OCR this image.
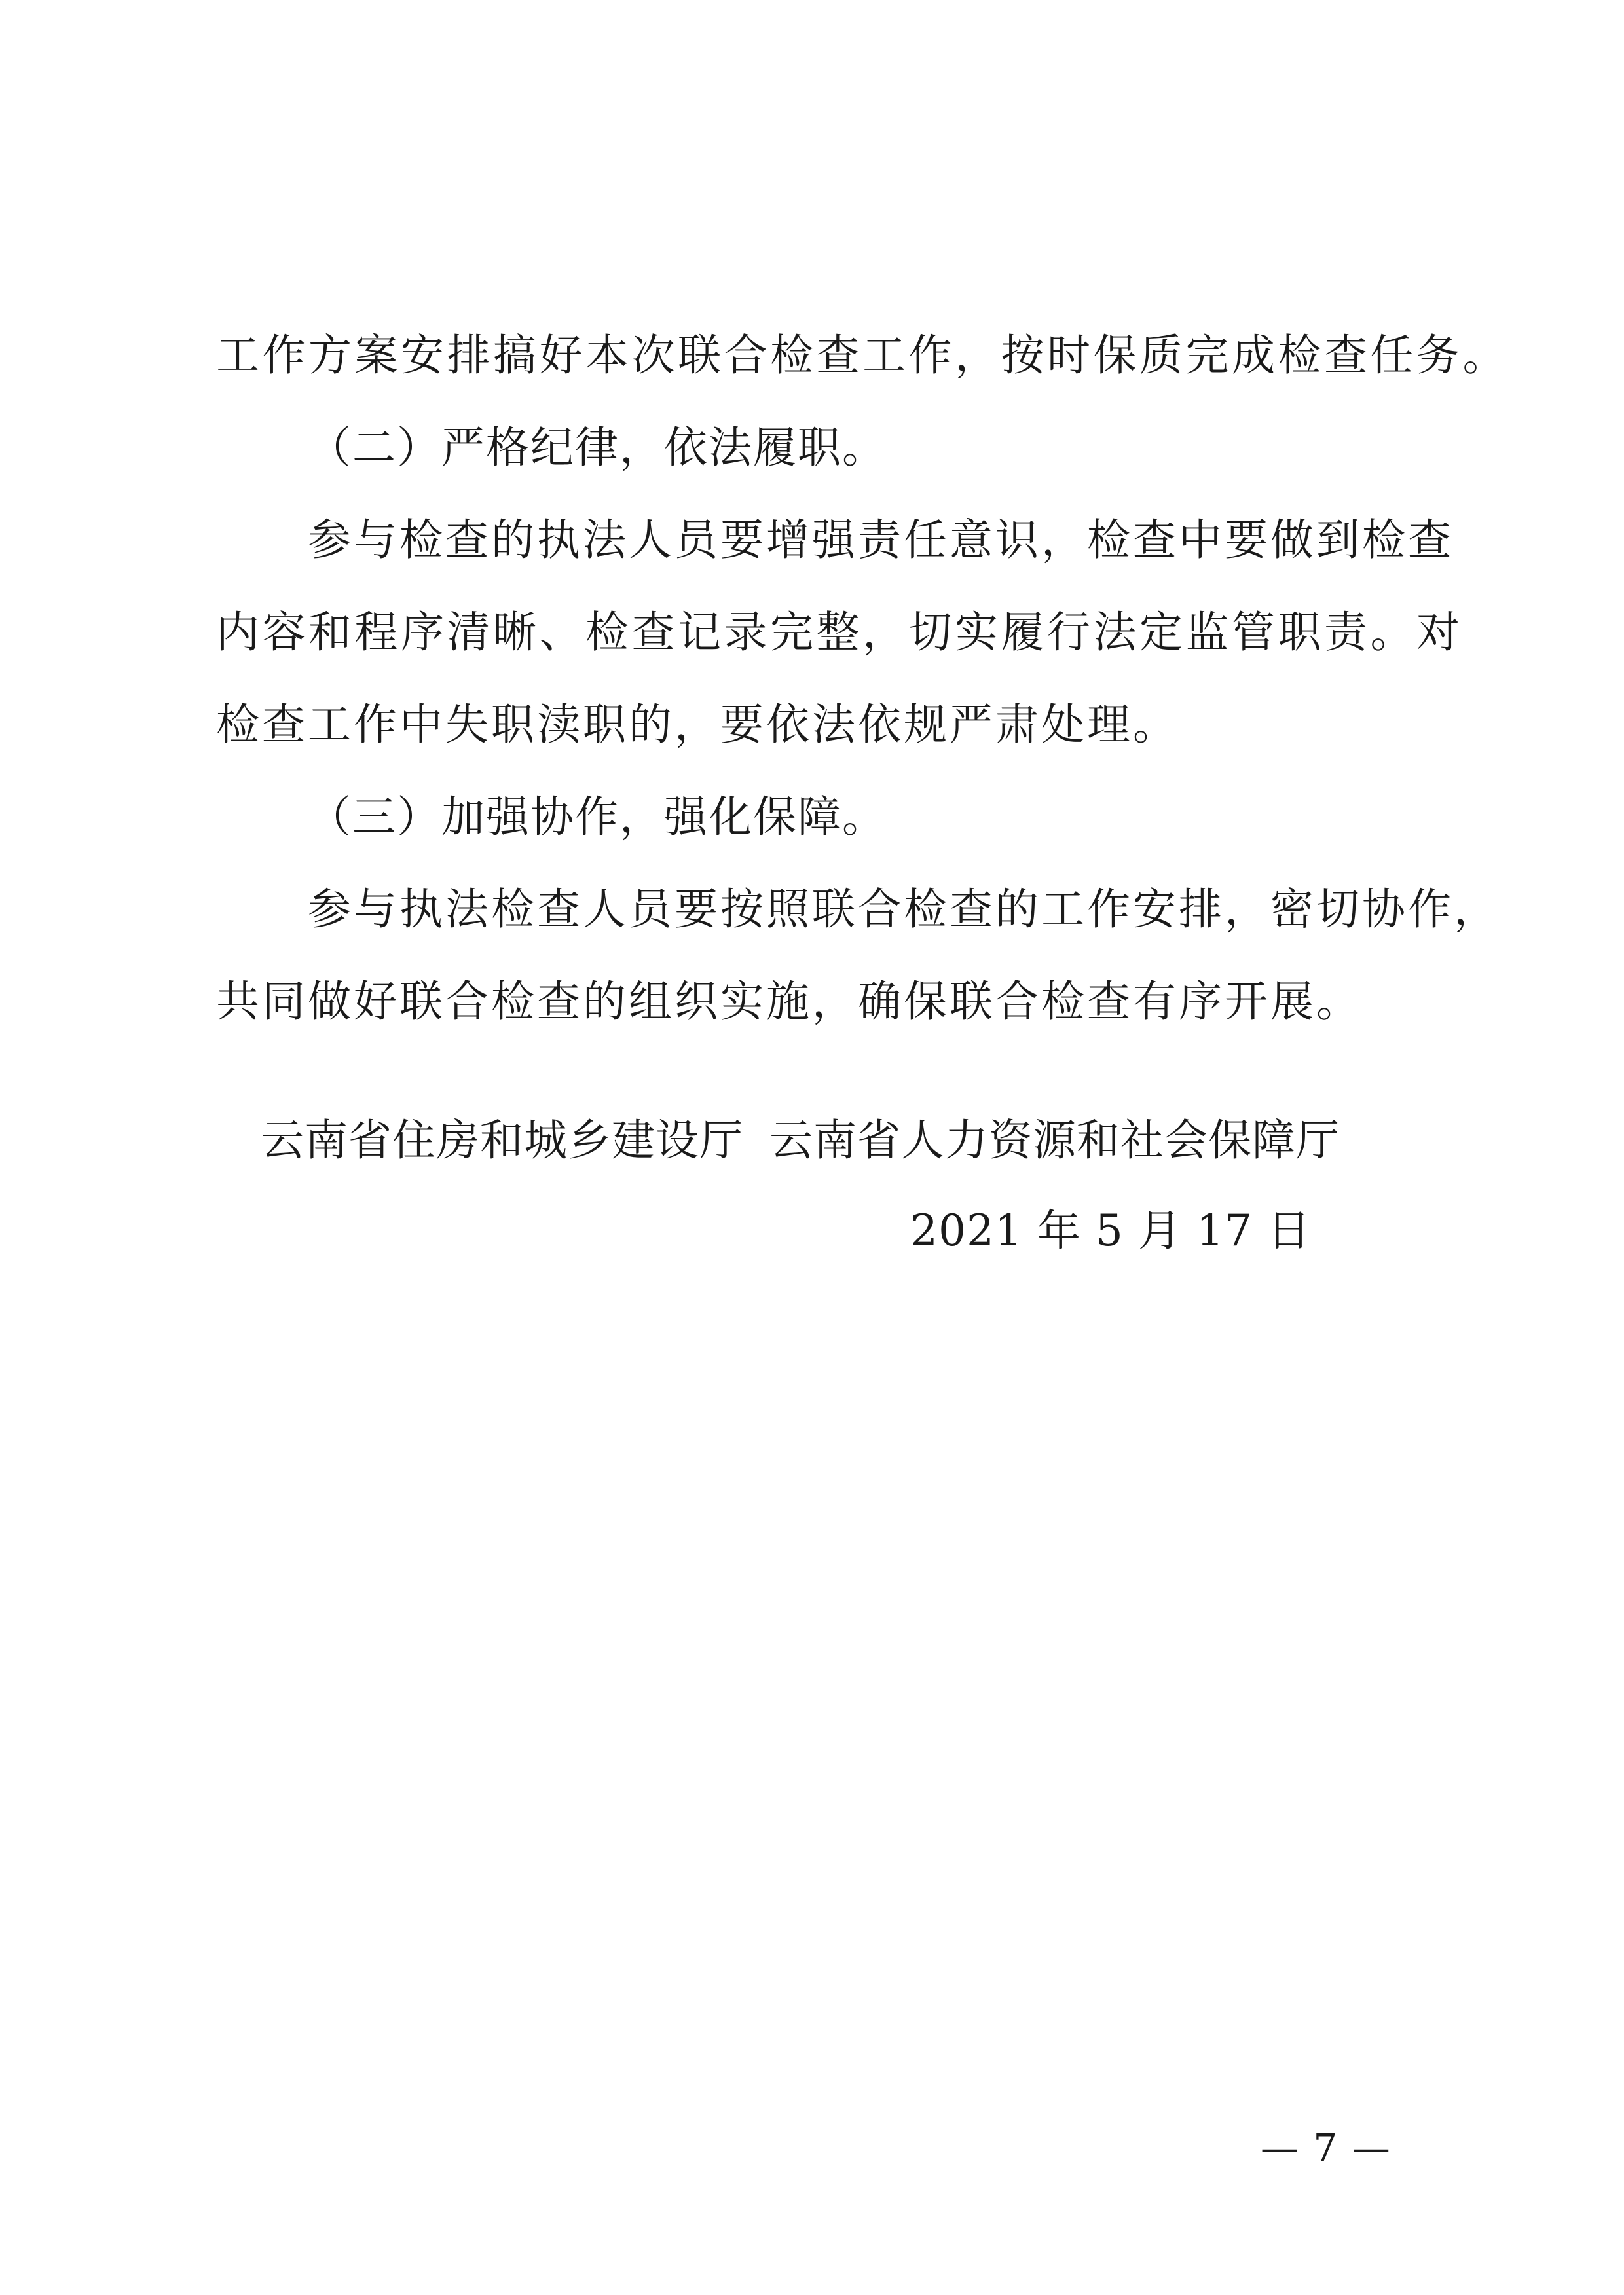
工作方案安排搞好本次联合检查工作，按时保质完成检查任务。
（二）严格纪律，依法履职。
参与检查的执法人员要增强责任意识，检查中要做到检查
内容和程序清晰、检查记录完整，切实履行法定监管职责。对
检查工作中失职渎职的，要依法依规严肃处理。
（三）加强协作，强化保障。
参与执法检查人员要按照联合检查的工作安排，密切协作，
共同做好联合检查的组织实施，确保联合检查有序开展。
云南省住房和城乡建设厅 云南省人力资源和社会保障厅
2021 年 5 月 17 日
— 7 —
